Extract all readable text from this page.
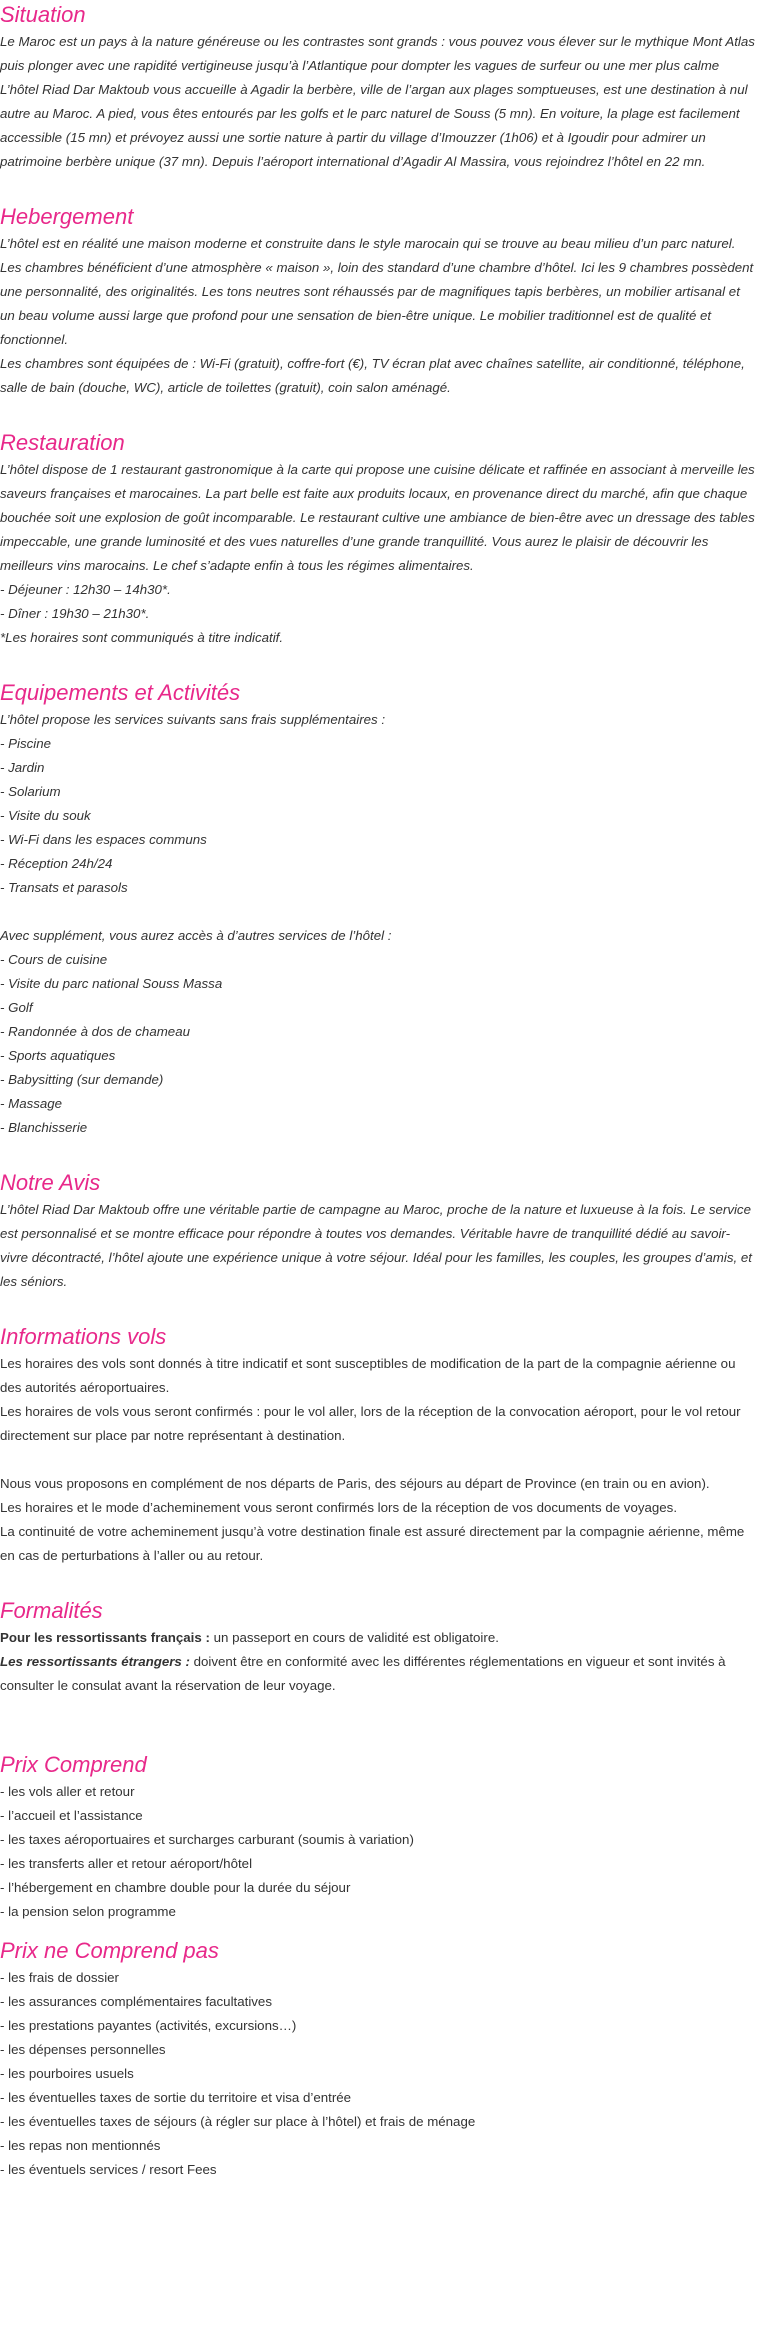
Situation

Le Maroc est un pays à la nature généreuse ou les contrastes sont grands : vous pouvez vous élever sur le mythique Mont Atlas puis plonger avec une rapidité vertigineuse jusqu’à l’Atlantique pour dompter les vagues de surfeur ou une mer plus calme L’hôtel Riad Dar Maktoub vous accueille à Agadir la berbère, ville de l’argan aux plages somptueuses, est une destination à nul autre au Maroc. A pied, vous êtes entourés par les golfs et le parc naturel de Souss (5 mn). En voiture, la plage est facilement accessible (15 mn) et prévoyez aussi une sortie nature à partir du village d’Imouzzer (1h06) et à Igoudir pour admirer un patrimoine berbère unique (37 mn). Depuis l’aéroport international d’Agadir Al Massira, vous rejoindrez l’hôtel en 22 mn.

Hebergement

L’hôtel est en réalité une maison moderne et construite dans le style marocain qui se trouve au beau milieu d’un parc naturel. Les chambres bénéficient d’une atmosphère « maison », loin des standard d’une chambre d’hôtel. Ici les 9 chambres possèdent une personnalité, des originalités. Les tons neutres sont réhaussés par de magnifiques tapis berbères, un mobilier artisanal et un beau volume aussi large que profond pour une sensation de bien-être unique. Le mobilier traditionnel est de qualité et fonctionnel.
Les chambres sont équipées de : Wi-Fi (gratuit), coffre-fort (€), TV écran plat avec chaînes satellite, air conditionné, téléphone, salle de bain (douche, WC), article de toilettes (gratuit), coin salon aménagé.

Restauration

L’hôtel dispose de 1 restaurant gastronomique à la carte qui propose une cuisine délicate et raffinée en associant à merveille les saveurs françaises et marocaines. La part belle est faite aux produits locaux, en provenance direct du marché, afin que chaque bouchée soit une explosion de goût incomparable. Le restaurant cultive une ambiance de bien-être avec un dressage des tables impeccable, une grande luminosité et des vues naturelles d’une grande tranquillité. Vous aurez le plaisir de découvrir les meilleurs vins marocains. Le chef s’adapte enfin à tous les régimes alimentaires.
- Déjeuner : 12h30 – 14h30*.
- Dîner : 19h30 – 21h30*.
*Les horaires sont communiqués à titre indicatif.

Equipements et Activités

L’hôtel propose les services suivants sans frais supplémentaires :
- Piscine
- Jardin
- Solarium
- Visite du souk
- Wi-Fi dans les espaces communs
- Réception 24h/24
- Transats et parasols
Avec supplément, vous aurez accès à d’autres services de l’hôtel :
- Cours de cuisine
- Visite du parc national Souss Massa
- Golf
- Randonnée à dos de chameau
- Sports aquatiques
- Babysitting (sur demande)
- Massage
- Blanchisserie

Notre Avis

L’hôtel Riad Dar Maktoub offre une véritable partie de campagne au Maroc, proche de la nature et luxueuse à la fois. Le service est personnalisé et se montre efficace pour répondre à toutes vos demandes. Véritable havre de tranquillité dédié au savoir-vivre décontracté, l’hôtel ajoute une expérience unique à votre séjour. Idéal pour les familles, les couples, les groupes d’amis, et les séniors.

Informations vols

Les horaires des vols sont donnés à titre indicatif et sont susceptibles de modification de la part de la compagnie aérienne ou des autorités aéroportuaires.
Les horaires de vols vous seront confirmés : pour le vol aller, lors de la réception de la convocation aéroport, pour le vol retour directement sur place par notre représentant à destination.
Nous vous proposons en complément de nos départs de Paris, des séjours au départ de Province (en train ou en avion).
Les horaires et le mode d’acheminement vous seront confirmés lors de la réception de vos documents de voyages.
La continuité de votre acheminement jusqu’à votre destination finale est assuré directement par la compagnie aérienne, même en cas de perturbations à l’aller ou au retour.

Formalités

Pour les ressortissants français : un passeport en cours de validité est obligatoire.
Les ressortissants étrangers : doivent être en conformité avec les différentes réglementations en vigueur et sont invités à consulter le consulat avant la réservation de leur voyage.

Prix Comprend

- les vols aller et retour
- l’accueil et l’assistance
- les taxes aéroportuaires et surcharges carburant (soumis à variation)
- les transferts aller et retour aéroport/hôtel
- l’hébergement en chambre double pour la durée du séjour
- la pension selon programme

Prix ne Comprend pas

- les frais de dossier
- les assurances complémentaires facultatives
- les prestations payantes (activités, excursions…)
- les dépenses personnelles
- les pourboires usuels
- les éventuelles taxes de sortie du territoire et visa d’entrée
- les éventuelles taxes de séjours (à régler sur place à l’hôtel) et frais de ménage
- les repas non mentionnés
- les éventuels services / resort Fees
